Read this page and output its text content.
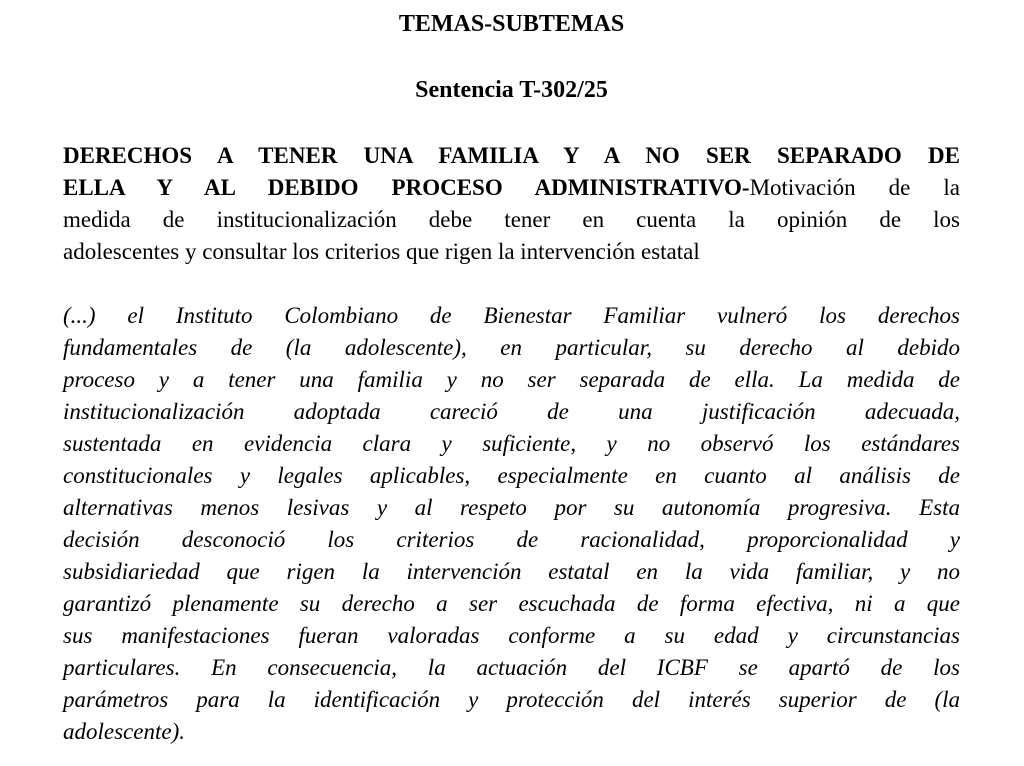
TEMAS-SUBTEMAS
Sentencia T-302/25
DERECHOS A TENER UNA FAMILIA Y A NO SER SEPARADO DE
ELLA Y AL DEBIDO PROCESO ADMINISTRATIVO-Motivación de la
medida de institucionalización debe tener en cuenta la opinión de los
adolescentes y consultar los criterios que rigen la intervención estatal
(...) el Instituto Colombiano de Bienestar Familiar vulneró los derechos
fundamentales de (la adolescente), en particular, su derecho al debido
proceso y a tener una familia y no ser separada de ella. La medida de
institucionalización adoptada careció de una justificación adecuada,
sustentada en evidencia clara y suficiente, y no observó los estándares
constitucionales y legales aplicables, especialmente en cuanto al análisis de
alternativas menos lesivas y al respeto por su autonomía progresiva. Esta
decisión desconoció los criterios de racionalidad, proporcionalidad y
subsidiariedad que rigen la intervención estatal en la vida familiar, y no
garantizó plenamente su derecho a ser escuchada de forma efectiva, ni a que
sus manifestaciones fueran valoradas conforme a su edad y circunstancias
particulares. En consecuencia, la actuación del ICBF se apartó de los
parámetros para la identificación y protección del interés superior de (la
adolescente).
